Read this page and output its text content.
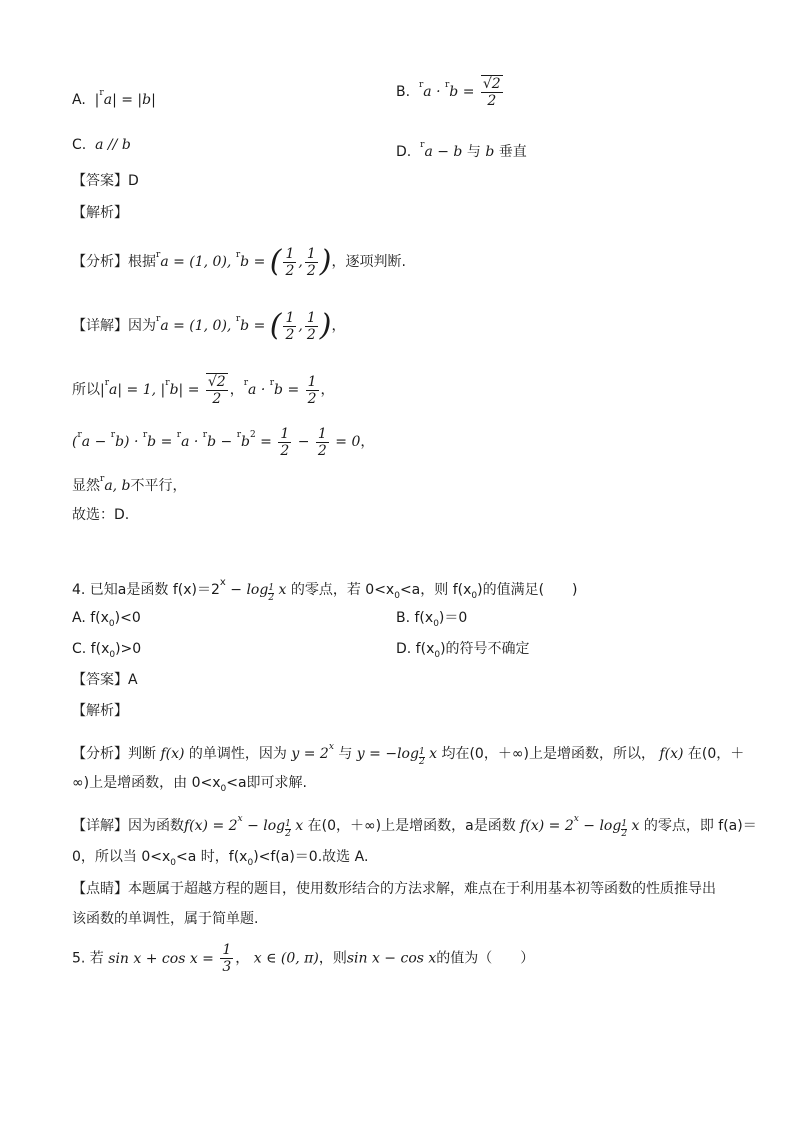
A.  $|^ra| = |b|$	B. $^ra \cdot ^rb = \frac{√2}{2}$
C.  a // b	D. $^r$a − b 与 b 垂直
【答案】D
【解析】
【分析】根据$^r$a = (1, 0), $^r$b = ( $\frac{1}{2}$ , $\frac{1}{2}$ )，逐项判断.
【详解】因为$^r$a = (1, 0), $^r$b = ( $\frac{1}{2}$ , $\frac{1}{2}$ )，
所以$|^ra| = 1$, $|^rb| = \frac{√2}{2}$ ，$^ra \cdot ^rb = \frac{1}{2}$ ，
$(^ra - ^rb) \cdot ^rb = ^ra \cdot ^rb - ^rb^2 = \frac{1}{2} - \frac{1}{2} = 0$，
显然$^r$a, b不平行，
故选：D.
4. 已知a是函数 $f(x)=2^x - \log \frac{1}{2}$ x 的零点，若 $0<x_0<a$，则 $f(x_0)$的值满足(　　)
A. $f(x_0)<0$	B. $f(x_0)=0$
C. $f(x_0)>0$	D. $f(x_0)$的符号不确定
【答案】A
【解析】
【分析】判断 f(x) 的单调性，因为 $y = 2^x$ 与 $y = -\log \frac{1}{2}$ x 均在(0，＋∞)上是增函数，所以， f(x) 在(0，＋
∞)上是增函数，由 $0<x_0<a$即可求解.
【详解】因为函数$f(x) = 2^x - \log \frac{1}{2}$ x 在(0，＋∞)上是增函数，a是函数 $f(x) = 2^x - \log \frac{1}{2}$ x 的零点，即 f(a)＝
0，所以当 $0<x_0<a$ 时，$f(x_0)<f(a)=0$.故选 A.
【点睛】本题属于超越方程的题目，使用数形结合的方法求解，难点在于利用基本初等函数的性质推导出
该函数的单调性，属于简单题.
5. 若 $\sin x + \cos x = \frac{1}{3}$ ， x ∈ (0, π)，则sin x − cos x的值为（　　）
